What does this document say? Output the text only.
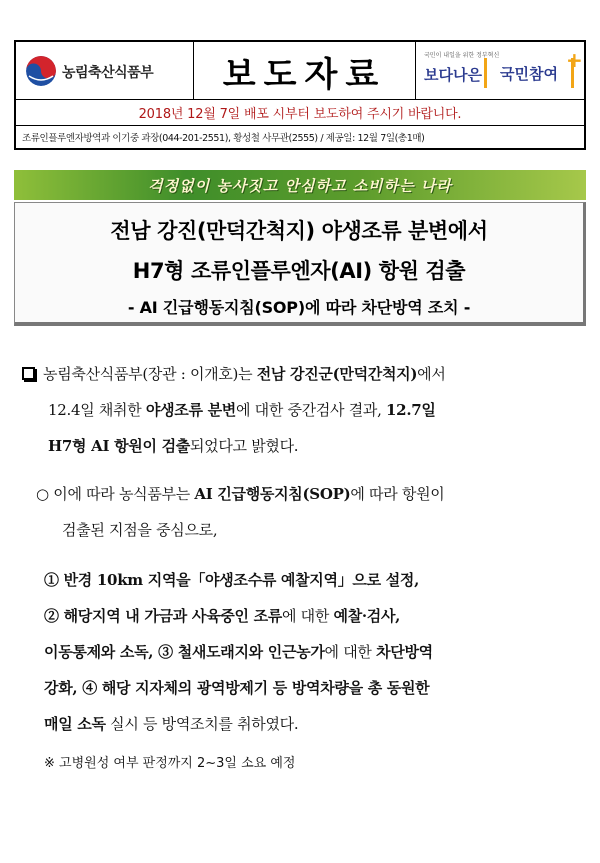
농림축산식품부 보도자료	국민이 내일을 위한 정부혁신
보다나은	국민참여
+
2018년 12월 7일 배포 시부터 보도하여 주시기 바랍니다.
조류인플루엔자방역과 이기중 과장(044-201-2551), 황성철 사무관(2555) / 제공일: 12월 7일(총1매)
걱정없이 농사짓고 안심하고 소비하는 나라
전남 강진(만덕간척지) 야생조류 분변에서
H7형 조류인플루엔자(AI) 항원 검출
- AI 긴급행동지침(SOP)에 따라 차단방역 조치 -
농림축산식품부(장관 : 이개호)는 전남 강진군(만덕간척지)에서
12.4일 채취한 야생조류 분변에 대한 중간검사 결과, 12.7일
H7형 AI 항원이 검출되었다고 밝혔다.
○ 이에 따라 농식품부는 AI 긴급행동지침(SOP)에 따라 항원이
검출된 지점을 중심으로,
① 반경 10km 지역을「야생조수류 예찰지역」으로 설정,
② 해당지역 내 가금과 사육중인 조류에 대한 예찰·검사,
이동통제와 소독, ③ 철새도래지와 인근농가에 대한 차단방역
강화, ④ 해당 지자체의 광역방제기 등 방역차량을 총 동원한
매일 소독 실시 등 방역조치를 취하였다.
※ 고병원성 여부 판정까지 2~3일 소요 예정
